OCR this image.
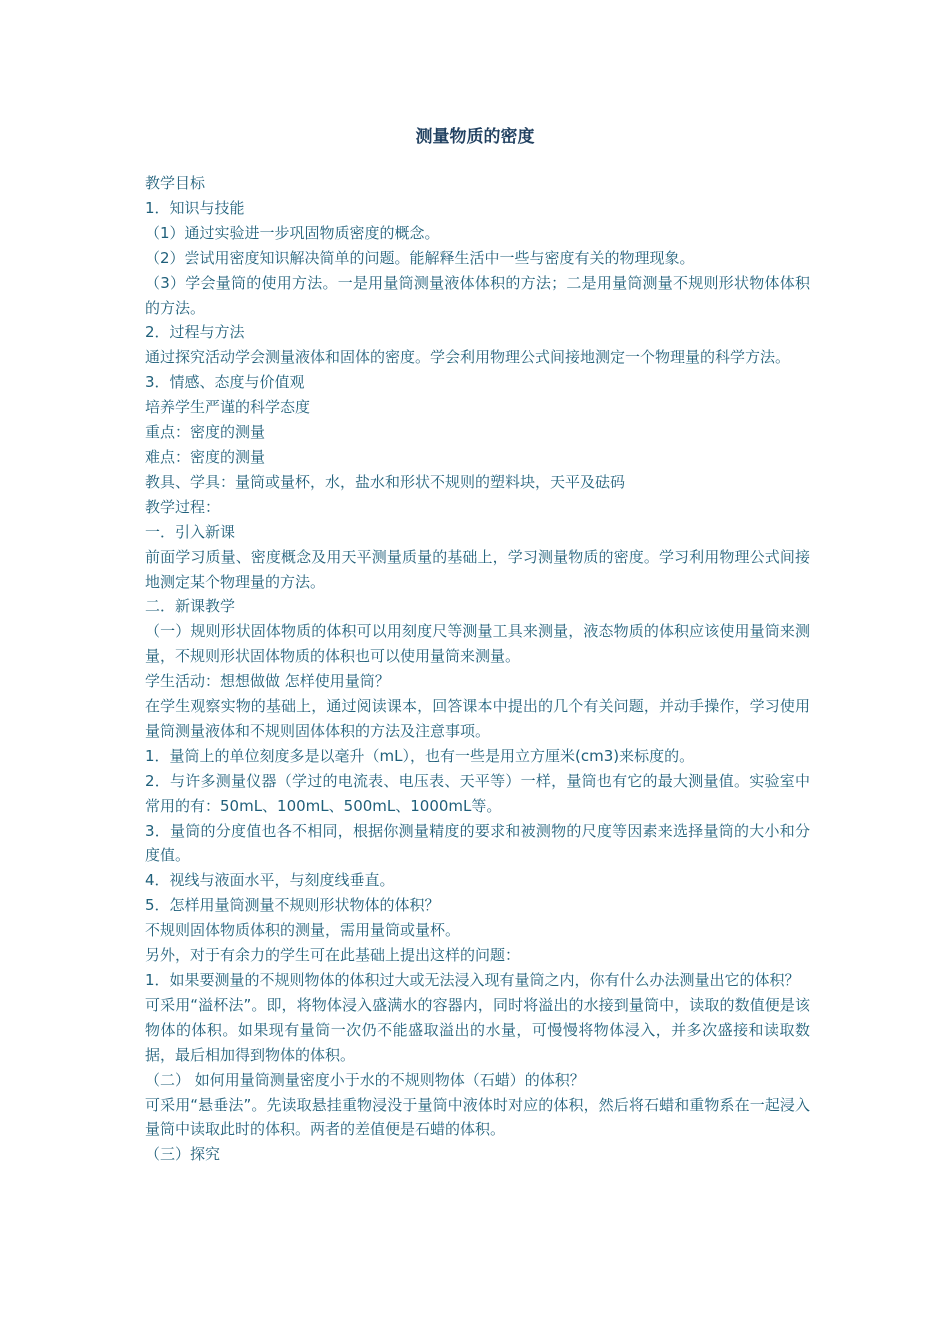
测量物质的密度

教学目标

1．知识与技能

（1）通过实验进一步巩固物质密度的概念。

（2）尝试用密度知识解决简单的问题。能解释生活中一些与密度有关的物理现象。

（3）学会量筒的使用方法。一是用量筒测量液体体积的方法；二是用量筒测量不规则形状物体体积的方法。

2．过程与方法

通过探究活动学会测量液体和固体的密度。学会利用物理公式间接地测定一个物理量的科学方法。

3．情感、态度与价值观

培养学生严谨的科学态度

重点：密度的测量

难点：密度的测量

教具、学具：量筒或量杯，水，盐水和形状不规则的塑料块，天平及砝码

教学过程：

一．引入新课

前面学习质量、密度概念及用天平测量质量的基础上，学习测量物质的密度。学习利用物理公式间接地测定某个物理量的方法。

二．新课教学

（一）规则形状固体物质的体积可以用刻度尺等测量工具来测量，液态物质的体积应该使用量筒来测量，不规则形状固体物质的体积也可以使用量筒来测量。

学生活动：想想做做 怎样使用量筒？

在学生观察实物的基础上，通过阅读课本，回答课本中提出的几个有关问题，并动手操作，学习使用量筒测量液体和不规则固体体积的方法及注意事项。

1．量筒上的单位刻度多是以毫升（mL），也有一些是用立方厘米(cm3)来标度的。

2．与许多测量仪器（学过的电流表、电压表、天平等）一样，量筒也有它的最大测量值。实验室中常用的有：50mL、100mL、500mL、1000mL等。

3．量筒的分度值也各不相同，根据你测量精度的要求和被测物的尺度等因素来选择量筒的大小和分度值。

4．视线与液面水平，与刻度线垂直。

5．怎样用量筒测量不规则形状物体的体积？

不规则固体物质体积的测量，需用量筒或量杯。

另外，对于有余力的学生可在此基础上提出这样的问题：

1．如果要测量的不规则物体的体积过大或无法浸入现有量筒之内，你有什么办法测量出它的体积？

可采用“溢杯法”。即，将物体浸入盛满水的容器内，同时将溢出的水接到量筒中，读取的数值便是该物体的体积。如果现有量筒一次仍不能盛取溢出的水量，可慢慢将物体浸入，并多次盛接和读取数据，最后相加得到物体的体积。

（二） 如何用量筒测量密度小于水的不规则物体（石蜡）的体积？

可采用“悬垂法”。先读取悬挂重物浸没于量筒中液体时对应的体积，然后将石蜡和重物系在一起浸入量筒中读取此时的体积。两者的差值便是石蜡的体积。

（三）探究
